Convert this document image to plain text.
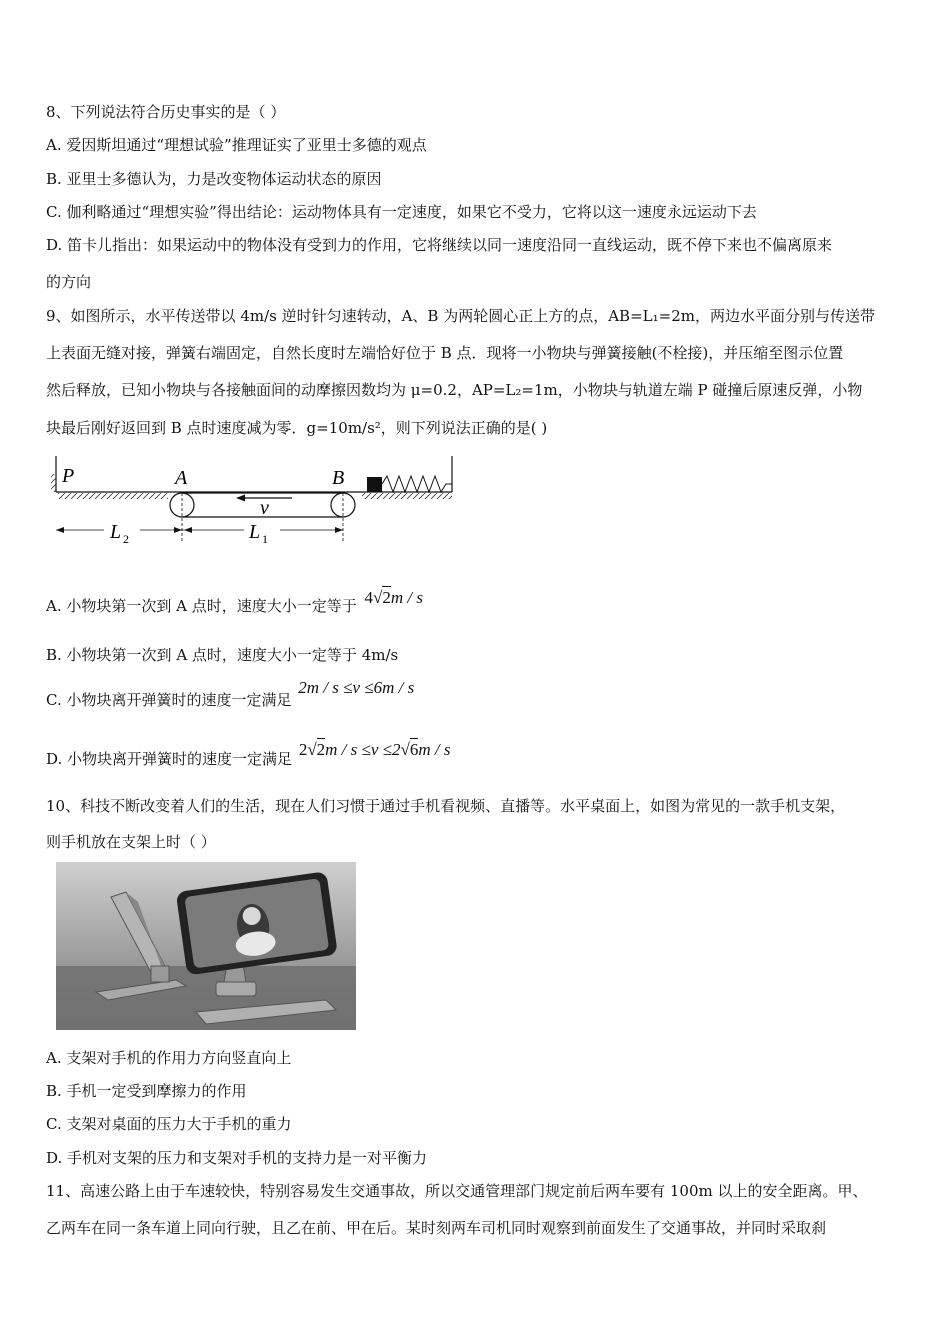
8、下列说法符合历史事实的是（ ）
A. 爱因斯坦通过“理想试验”推理证实了亚里士多德的观点
B. 亚里士多德认为，力是改变物体运动状态的原因
C. 伽利略通过“理想实验”得出结论：运动物体具有一定速度，如果它不受力，它将以这一速度永远运动下去
D. 笛卡儿指出：如果运动中的物体没有受到力的作用，它将继续以同一速度沿同一直线运动，既不停下来也不偏离原来
的方向
9、如图所示，水平传送带以 4m/s 逆时针匀速转动，A、B 为两轮圆心正上方的点，AB=L₁=2m，两边水平面分别与传送带
上表面无缝对接，弹簧右端固定，自然长度时左端恰好位于 B 点．现将一小物块与弹簧接触(不栓接)，并压缩至图示位置
然后释放，已知小物块与各接触面间的动摩擦因数均为 μ=0.2，AP=L₂=1m，小物块与轨道左端 P 碰撞后原速反弹，小物
块最后刚好返回到 B 点时速度减为零．g=10m/s²，则下列说法正确的是( )
P	A	B
v
L 2	L 1
A. 小物块第一次到 A 点时，速度大小一定等于 4√2m / s
B. 小物块第一次到 A 点时，速度大小一定等于 4m/s
C. 小物块离开弹簧时的速度一定满足 2m / s ≤v ≤6m / s
D. 小物块离开弹簧时的速度一定满足 2√2m / s ≤v ≤2√6m / s
10、科技不断改变着人们的生活，现在人们习惯于通过手机看视频、直播等。水平桌面上，如图为常见的一款手机支架，
则手机放在支架上时（ ）
A. 支架对手机的作用力方向竖直向上
B. 手机一定受到摩擦力的作用
C. 支架对桌面的压力大于手机的重力
D. 手机对支架的压力和支架对手机的支持力是一对平衡力
11、高速公路上由于车速较快，特别容易发生交通事故，所以交通管理部门规定前后两车要有 100m 以上的安全距离。甲、
乙两车在同一条车道上同向行驶，且乙在前、甲在后。某时刻两车司机同时观察到前面发生了交通事故，并同时采取刹
